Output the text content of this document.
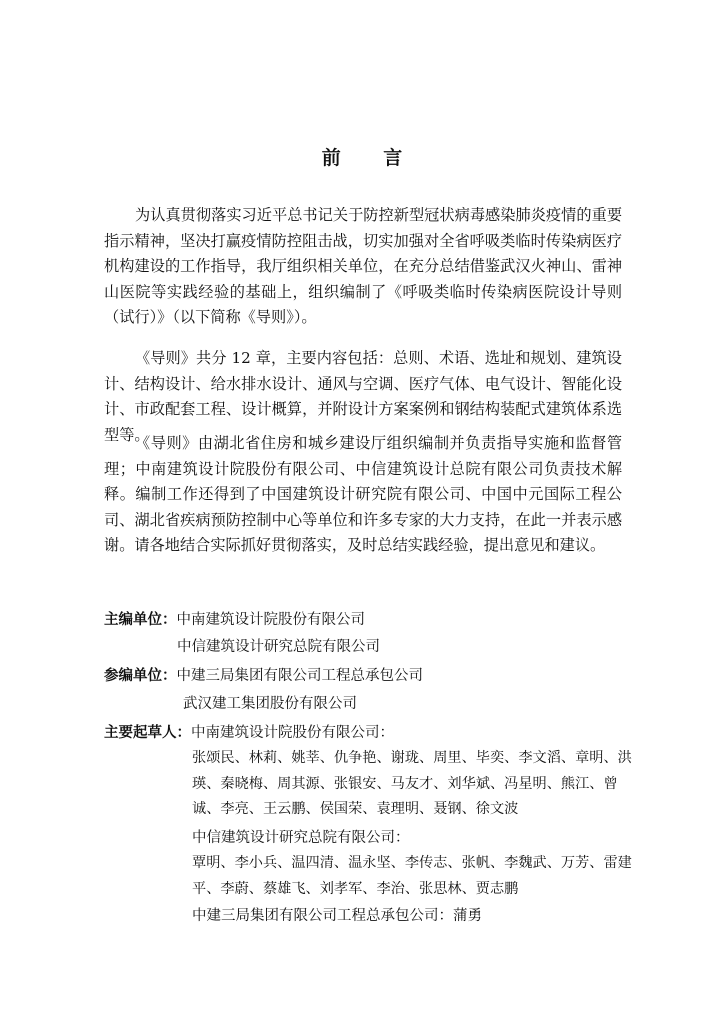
前 言

为认真贯彻落实习近平总书记关于防控新型冠状病毒感染肺炎疫情的重要指示精神，坚决打赢疫情防控阻击战，切实加强对全省呼吸类临时传染病医疗机构建设的工作指导，我厅组织相关单位，在充分总结借鉴武汉火神山、雷神山医院等实践经验的基础上，组织编制了《呼吸类临时传染病医院设计导则（试行）》（以下简称《导则》）。

《导则》共分 12 章，主要内容包括：总则、术语、选址和规划、建筑设计、结构设计、给水排水设计、通风与空调、医疗气体、电气设计、智能化设计、市政配套工程、设计概算，并附设计方案案例和钢结构装配式建筑体系选型等。

《导则》由湖北省住房和城乡建设厅组织编制并负责指导实施和监督管理；中南建筑设计院股份有限公司、中信建筑设计总院有限公司负责技术解释。编制工作还得到了中国建筑设计研究院有限公司、中国中元国际工程公司、湖北省疾病预防控制中心等单位和许多专家的大力支持，在此一并表示感谢。请各地结合实际抓好贯彻落实，及时总结实践经验，提出意见和建议。

主编单位：中南建筑设计院股份有限公司
中信建筑设计研究总院有限公司
参编单位：中建三局集团有限公司工程总承包公司
武汉建工集团股份有限公司
主要起草人：中南建筑设计院股份有限公司：

张颂民、林莉、姚莘、仇争艳、谢珑、周里、毕奕、李文滔、章明、洪瑛、秦晓梅、周其源、张银安、马友才、刘华斌、冯星明、熊江、曾诚、李亮、王云鹏、侯国荣、袁理明、聂钢、徐文波

中信建筑设计研究总院有限公司：

覃明、李小兵、温四清、温永坚、李传志、张帆、李魏武、万芳、雷建平、李蔚、蔡雄飞、刘孝军、李治、张思林、贾志鹏

中建三局集团有限公司工程总承包公司：蒲勇
